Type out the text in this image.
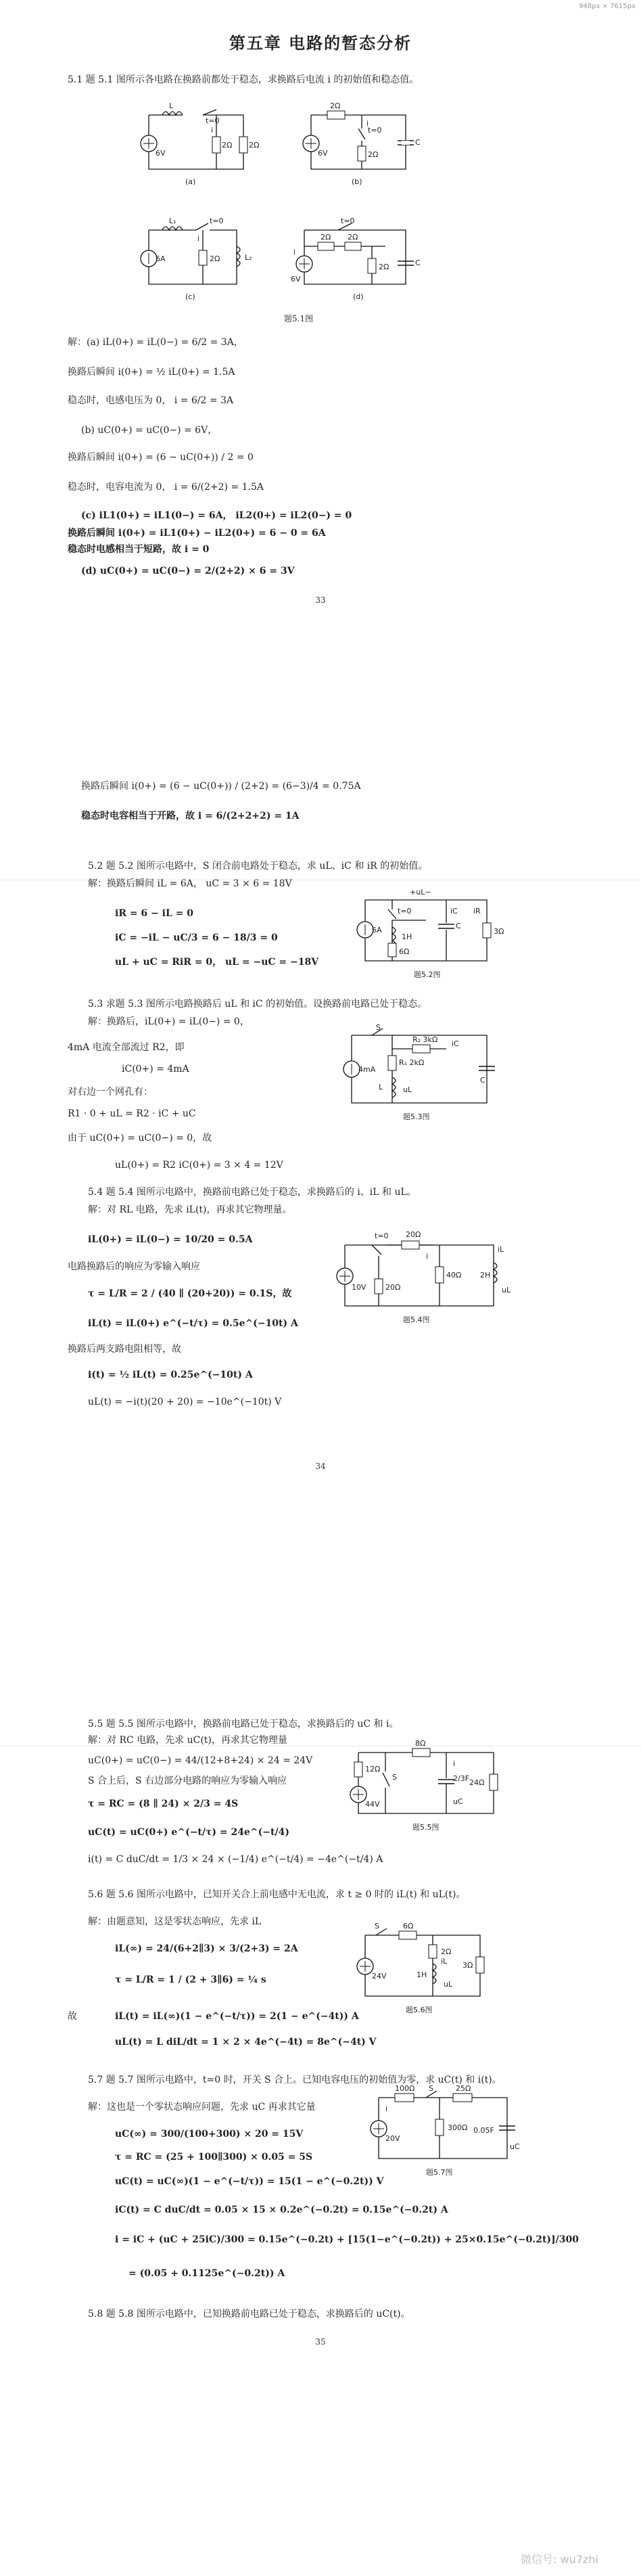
948px × 7615px
第五章 电路的暂态分析
5.1 题 5.1 图所示各电路在换路前都处于稳态，求换路后电流 i 的初始值和稳态值。
L
t=0
2Ω 2Ω
6V
i
(a)
2Ω
t=0
2Ω
C
6V
i
(b)
L₁	t=0
2Ω	L₂
6A
i
(c)
t=0
2Ω 2Ω
2Ω	C
6V
i
(d)
题5.1图
解：(a) iL(0+) = iL(0−) = 6/2 = 3A，
换路后瞬间 i(0+) = ½ iL(0+) = 1.5A
稳态时，电感电压为 0， i = 6/2 = 3A
(b) uC(0+) = uC(0−) = 6V，
换路后瞬间 i(0+) = (6 − uC(0+)) / 2 = 0
稳态时，电容电流为 0， i = 6/(2+2) = 1.5A
(c) iL1(0+) = iL1(0−) = 6A， iL2(0+) = iL2(0−) = 0
换路后瞬间 i(0+) = iL1(0+) − iL2(0+) = 6 − 0 = 6A
稳态时电感相当于短路，故 i = 0
(d) uC(0+) = uC(0−) = 2/(2+2) × 6 = 3V
33
换路后瞬间 i(0+) = (6 − uC(0+)) / (2+2) = (6−3)/4 = 0.75A
稳态时电容相当于开路，故 i = 6/(2+2+2) = 1A
5.2 题 5.2 图所示电路中，S 闭合前电路处于稳态，求 uL、iC 和 iR 的初始值。
解：换路后瞬间 iL = 6A， uC = 3 × 6 = 18V
iR = 6 − iL = 0
iC = −iL − uC/3 = 6 − 18/3 = 0
uL + uC = RiR = 0， uL = −uC = −18V
6A
t=0
1H
6Ω
C
3Ω
+uL−
iC iR
题5.2图
5.3 求题 5.3 图所示电路换路后 uL 和 iC 的初始值。设换路前电路已处于稳态。
解：换路后，iL(0+) = iL(0−) = 0，
4mA 电流全部流过 R2，即
iC(0+) = 4mA
对右边一个网孔有：
R1 · 0 + uL = R2 · iC + uC
由于 uC(0+) = uC(0−) = 0，故
uL(0+) = R2 iC(0+) = 3 × 4 = 12V
4mA
S
R₁ 2kΩ
R₂ 3kΩ
L
C
iC
uL
题5.3图
5.4 题 5.4 图所示电路中，换路前电路已处于稳态，求换路后的 i、iL 和 uL。
解：对 RL 电路，先求 iL(t)，再求其它物理量。
iL(0+) = iL(0−) = 10/20 = 0.5A
电路换路后的响应为零输入响应
τ = L/R = 2 / (40 ∥ (20+20)) = 0.1S，故
iL(t) = iL(0+) e^(−t/τ) = 0.5e^(−10t) A
换路后两支路电阻相等，故
i(t) = ½ iL(t) = 0.25e^(−10t) A
uL(t) = −i(t)(20 + 20) = −10e^(−10t) V
t=0
10V
20Ω
20Ω
40Ω	2H
i
iL
uL
题5.4图
34
5.5 题 5.5 图所示电路中，换路前电路已处于稳态，求换路后的 uC 和 i。
解：对 RC 电路，先求 uC(t)，再求其它物理量
uC(0+) = uC(0−) = 44/(12+8+24) × 24 = 24V
S 合上后，S 右边部分电路的响应为零输入响应
τ = RC = (8 ∥ 24) × 2/3 = 4S
uC(t) = uC(0+) e^(−t/τ) = 24e^(−t/4)
i(t) = C duC/dt = 1/3 × 24 × (−1/4) e^(−t/4) = −4e^(−t/4) A
12Ω
8Ω
44V
S	2/3F 24Ω
i
uC
题5.5图
5.6 题 5.6 图所示电路中，已知开关合上前电感中无电流，求 t ≥ 0 时的 iL(t) 和 uL(t)。
解：由题意知，这是零状态响应，先求 iL
iL(∞) = 24/(6+2∥3) × 3/(2+3) = 2A
τ = L/R = 1 / (2 + 3∥6) = ¼ s
故	iL(t) = iL(∞)(1 − e^(−t/τ)) = 2(1 − e^(−4t)) A
uL(t) = L diL/dt = 1 × 2 × 4e^(−4t) = 8e^(−4t) V
S	6Ω
24V
2Ω
3Ω
1H
iL
uL
题5.6图
5.7 题 5.7 图所示电路中，t=0 时，开关 S 合上。已知电容电压的初始值为零，求 uC(t) 和 i(t)。
解：这也是一个零状态响应问题，先求 uC 再求其它量
uC(∞) = 300/(100+300) × 20 = 15V
τ = RC = (25 + 100∥300) × 0.05 = 5S
uC(t) = uC(∞)(1 − e^(−t/τ)) = 15(1 − e^(−0.2t)) V
iC(t) = C duC/dt = 0.05 × 15 × 0.2e^(−0.2t) = 0.15e^(−0.2t) A
i = iC + (uC + 25iC)/300 = 0.15e^(−0.2t) + [15(1−e^(−0.2t)) + 25×0.15e^(−0.2t)]/300
= (0.05 + 0.1125e^(−0.2t)) A
100Ω S	25Ω
20V
300Ω 0.05F
i
uC
题5.7图
5.8 题 5.8 图所示电路中，已知换路前电路已处于稳态，求换路后的 uC(t)。
35
微信号: wu7zhi
